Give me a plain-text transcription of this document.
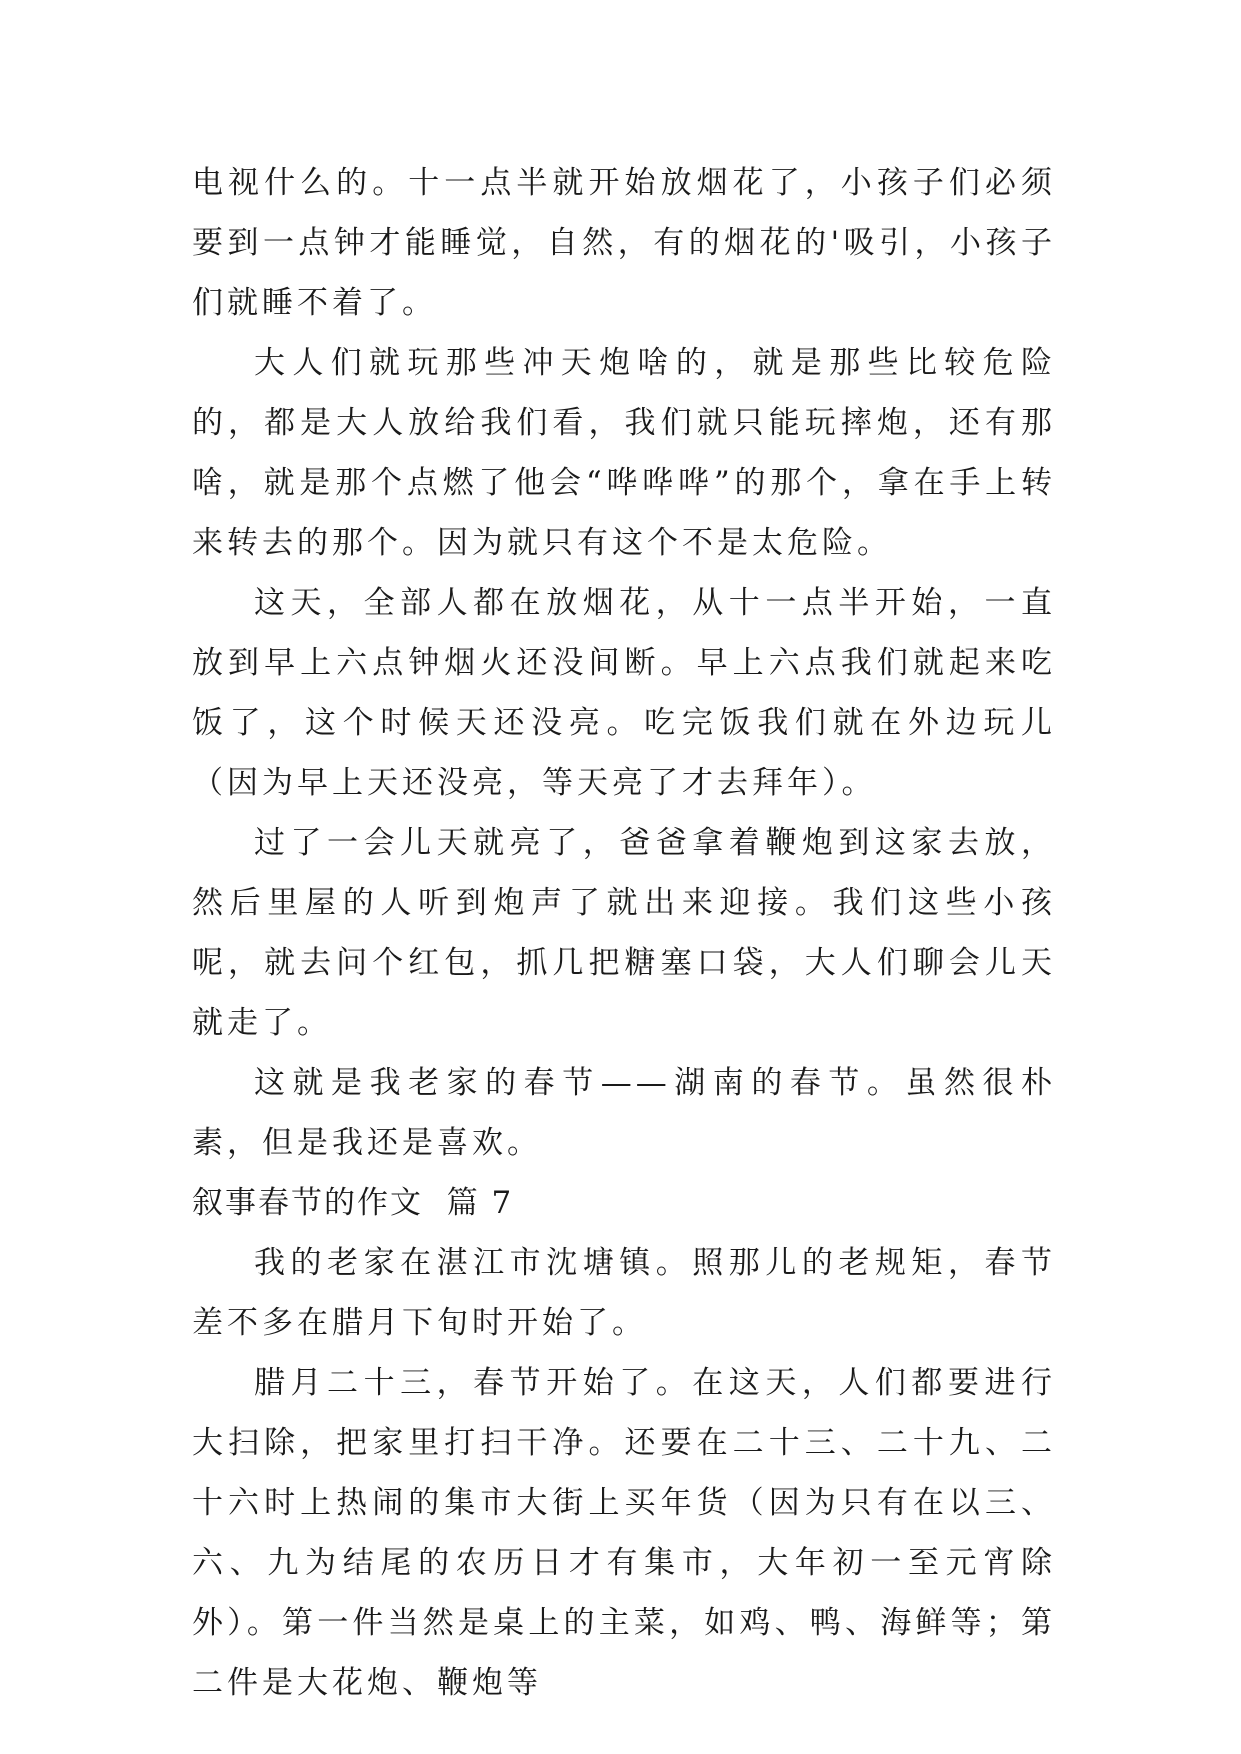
电视什么的。十一点半就开始放烟花了，小孩子们必须要到一点钟才能睡觉，自然，有的烟花的'吸引，小孩子们就睡不着了。

大人们就玩那些冲天炮啥的，就是那些比较危险的，都是大人放给我们看，我们就只能玩摔炮，还有那啥，就是那个点燃了他会“哗哗哗”的那个，拿在手上转来转去的那个。因为就只有这个不是太危险。

这天，全部人都在放烟花，从十一点半开始，一直放到早上六点钟烟火还没间断。早上六点我们就起来吃饭了，这个时候天还没亮。吃完饭我们就在外边玩儿（因为早上天还没亮，等天亮了才去拜年）。

过了一会儿天就亮了，爸爸拿着鞭炮到这家去放，然后里屋的人听到炮声了就出来迎接。我们这些小孩呢，就去问个红包，抓几把糖塞口袋，大人们聊会儿天就走了。

这就是我老家的春节——湖南的春节。虽然很朴素，但是我还是喜欢。

叙事春节的作文  篇 7

我的老家在湛江市沈塘镇。照那儿的老规矩，春节差不多在腊月下旬时开始了。

腊月二十三，春节开始了。在这天，人们都要进行大扫除，把家里打扫干净。还要在二十三、二十九、二十六时上热闹的集市大街上买年货（因为只有在以三、六、九为结尾的农历日才有集市，大年初一至元宵除外）。第一件当然是桌上的主菜，如鸡、鸭、海鲜等；第二件是大花炮、鞭炮等
